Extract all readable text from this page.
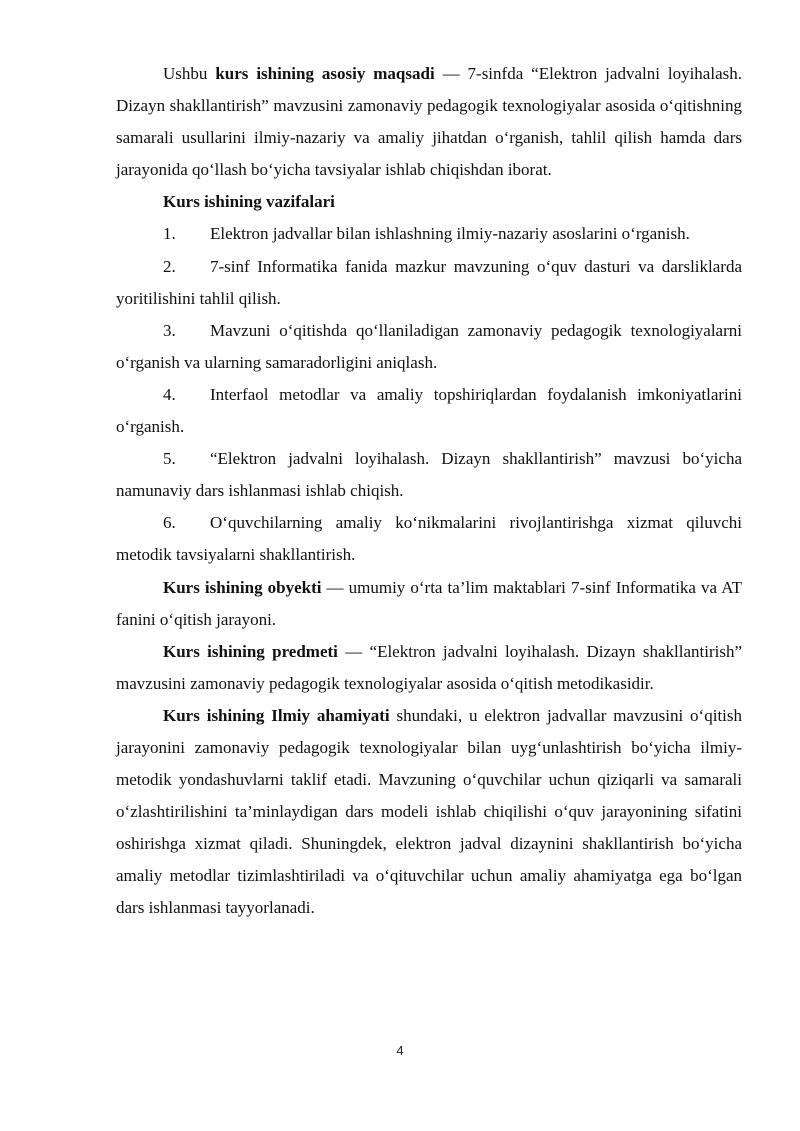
Ushbu kurs ishining asosiy maqsadi — 7-sinfda “Elektron jadvalni loyihalash. Dizayn shakllantirish” mavzusini zamonaviy pedagogik texnologiyalar asosida o‘qitishning samarali usullarini ilmiy-nazariy va amaliy jihatdan o‘rganish, tahlil qilish hamda dars jarayonida qo‘llash bo‘yicha tavsiyalar ishlab chiqishdan iborat.

Kurs ishining vazifalari

1. Elektron jadvallar bilan ishlashning ilmiy-nazariy asoslarini o‘rganish.

2. 7-sinf Informatika fanida mazkur mavzuning o‘quv dasturi va darsliklarda yoritilishini tahlil qilish.

3. Mavzuni o‘qitishda qo‘llaniladigan zamonaviy pedagogik texnologiyalarni o‘rganish va ularning samaradorligini aniqlash.

4. Interfaol metodlar va amaliy topshiriqlardan foydalanish imkoniyatlarini o‘rganish.

5. “Elektron jadvalni loyihalash. Dizayn shakllantirish” mavzusi bo‘yicha namunaviy dars ishlanmasi ishlab chiqish.

6. O‘quvchilarning amaliy ko‘nikmalarini rivojlantirishga xizmat qiluvchi metodik tavsiyalarni shakllantirish.

Kurs ishining obyekti — umumiy o‘rta ta’lim maktablari 7-sinf Informatika va AT fanini o‘qitish jarayoni.

Kurs ishining predmeti — “Elektron jadvalni loyihalash. Dizayn shakllantirish” mavzusini zamonaviy pedagogik texnologiyalar asosida o‘qitish metodikasidir.

Kurs ishining Ilmiy ahamiyati shundaki, u elektron jadvallar mavzusini o‘qitish jarayonini zamonaviy pedagogik texnologiyalar bilan uyg‘unlashtirish bo‘yicha ilmiy-metodik yondashuvlarni taklif etadi. Mavzuning o‘quvchilar uchun qiziqarli va samarali o‘zlashtirilishini ta’minlaydigan dars modeli ishlab chiqilishi o‘quv jarayonining sifatini oshirishga xizmat qiladi. Shuningdek, elektron jadval dizaynini shakllantirish bo‘yicha amaliy metodlar tizimlashtiriladi va o‘qituvchilar uchun amaliy ahamiyatga ega bo‘lgan dars ishlanmasi tayyorlanadi.

4
